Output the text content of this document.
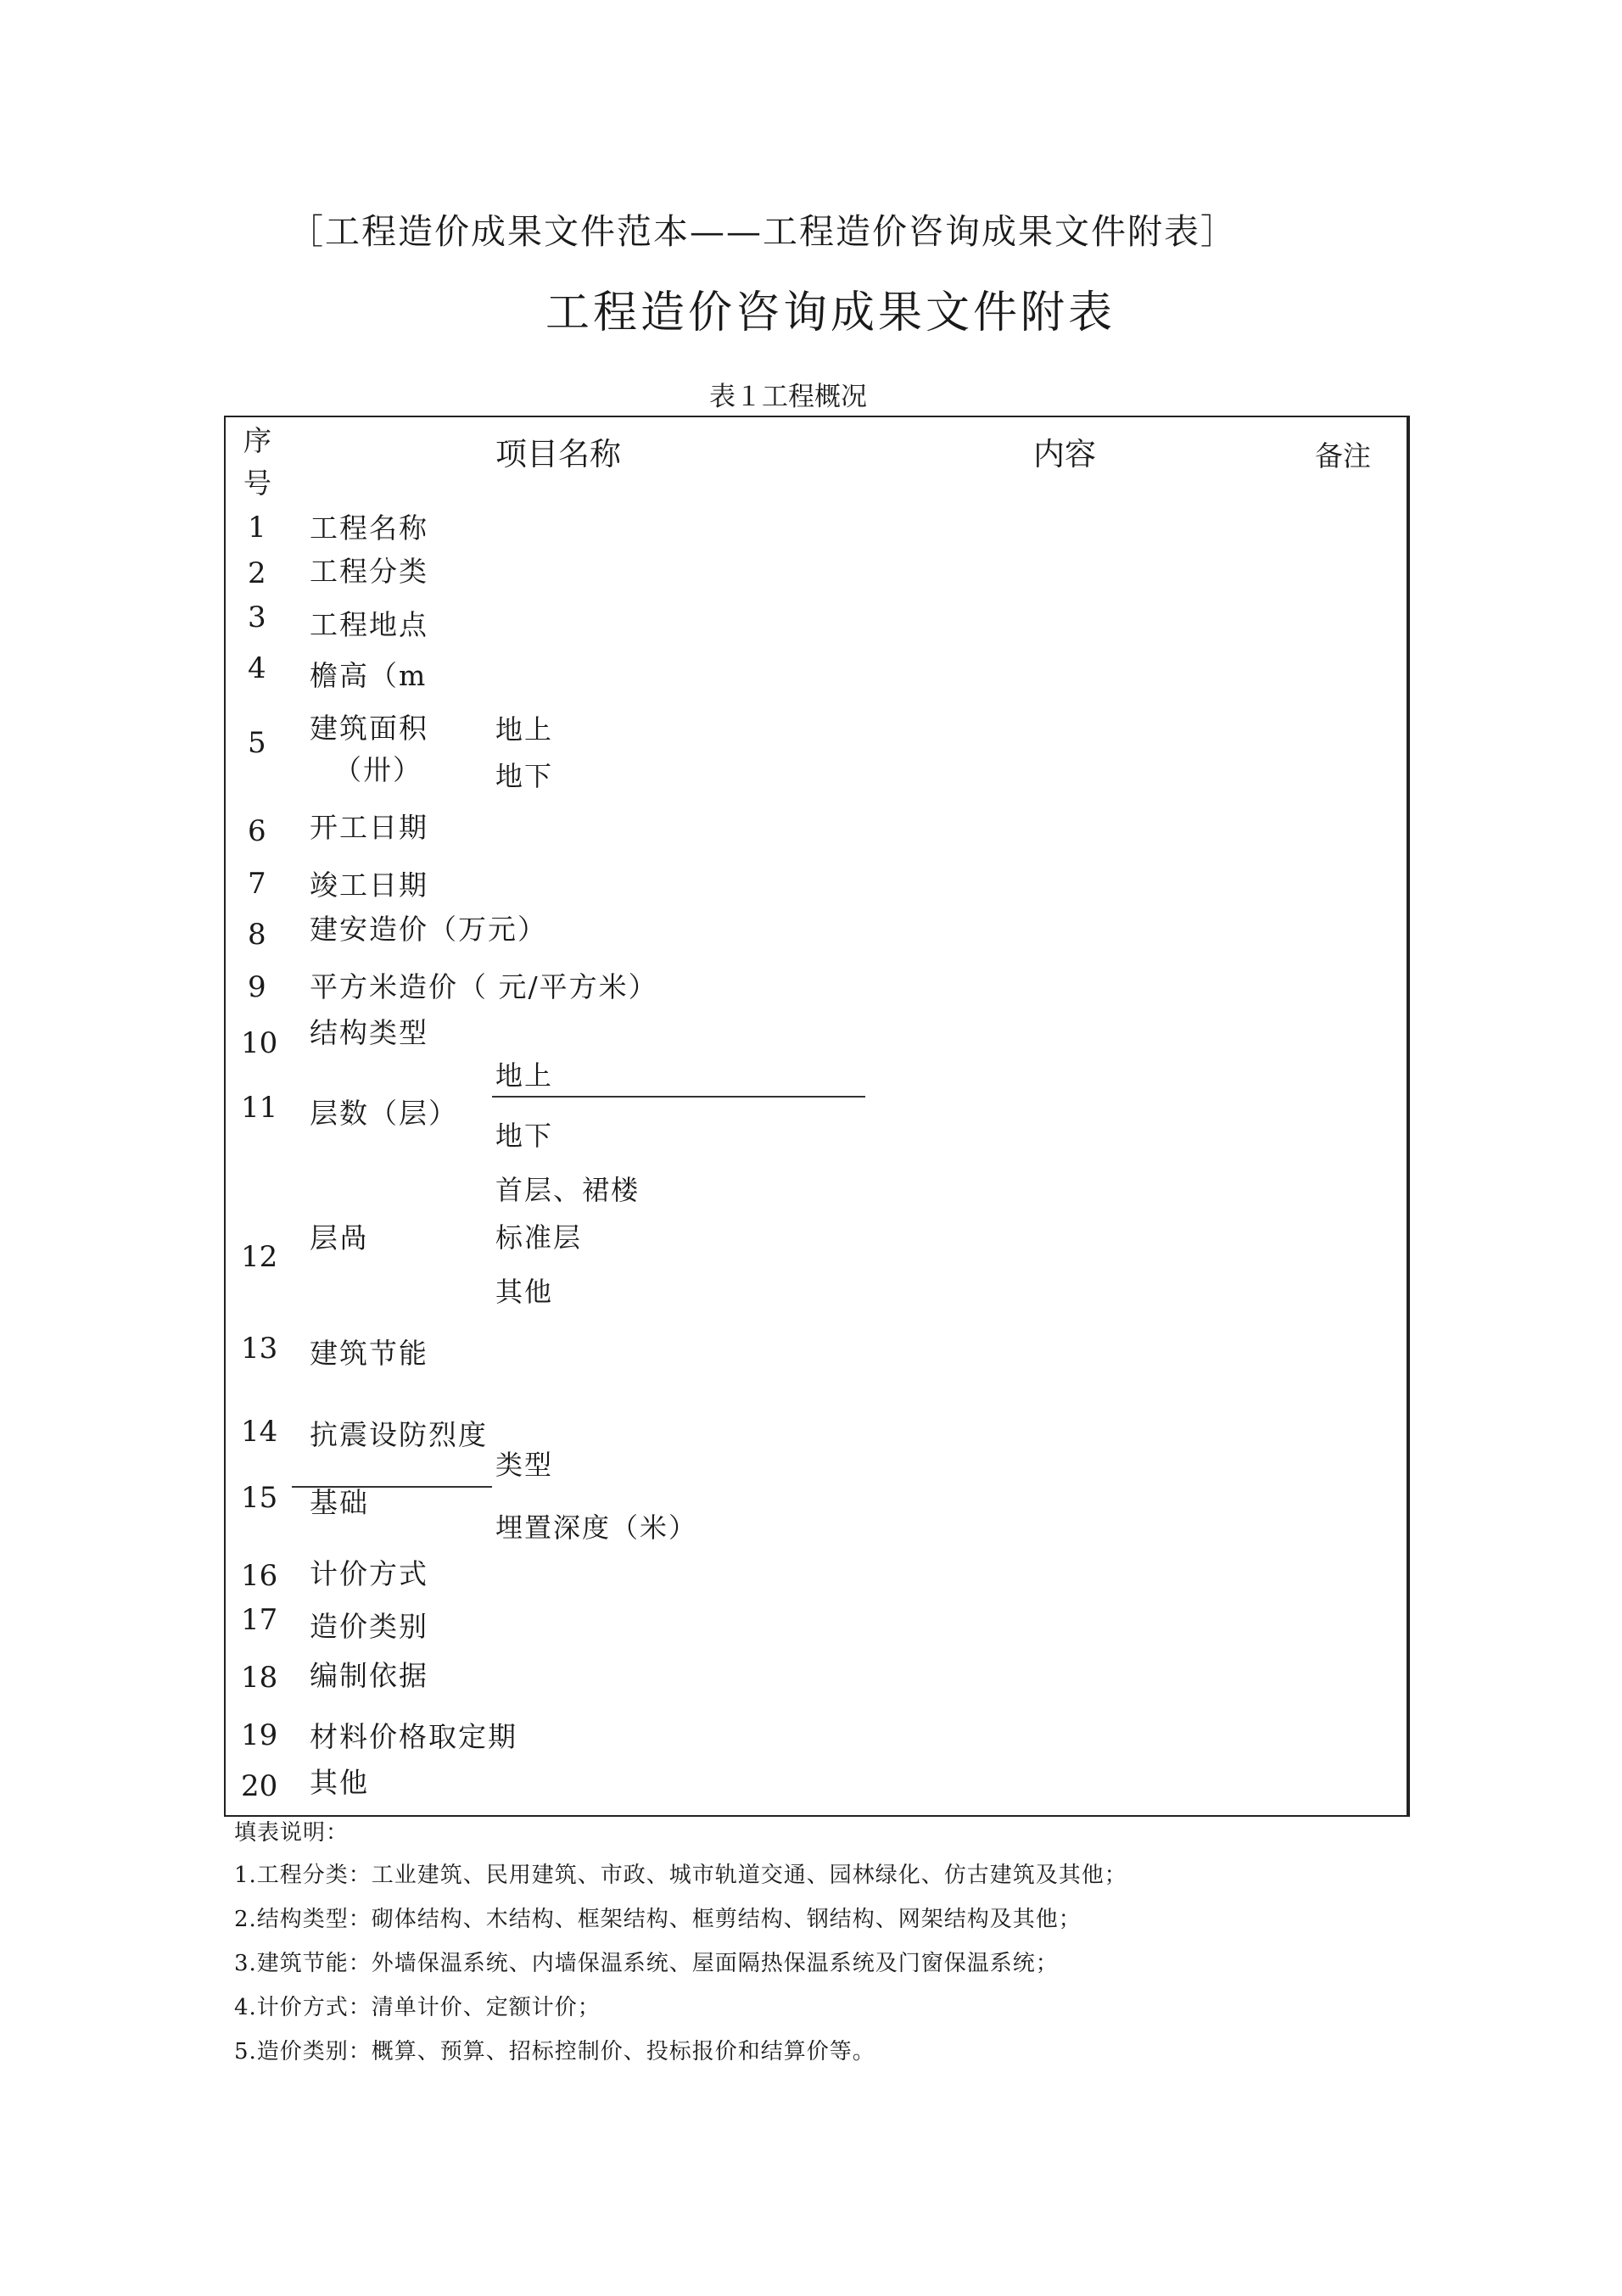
［工程造价成果文件范本——工程造价咨询成果文件附表］
工程造价咨询成果文件附表
表１工程概况
序
号
项目名称	内容	备注
1 工程名称
2 工程分类
3 工程地点
4 檐高（m
5 建筑面积
（卅）
地上
地下
6 开工日期
7 竣工日期
8 建安造价（万元）
9 平方米造价（ 元/平方米）
10 结构类型
11 层数（层）
地上
地下
12
层咼
首层、裙楼
标准层
其他
13 建筑节能
14 抗震设防烈度
15 基础
类型
埋置深度（米）
16 计价方式
17 造价类别
18 编制依据
19 材料价格取定期
20 其他
填表说明：
1.工程分类：工业建筑、民用建筑、市政、城市轨道交通、园林绿化、仿古建筑及其他；
2.结构类型：砌体结构、木结构、框架结构、框剪结构、钢结构、网架结构及其他；
3.建筑节能：外墙保温系统、内墙保温系统、屋面隔热保温系统及门窗保温系统；
4.计价方式：清单计价、定额计价；
5.造价类别：概算、预算、招标控制价、投标报价和结算价等。
